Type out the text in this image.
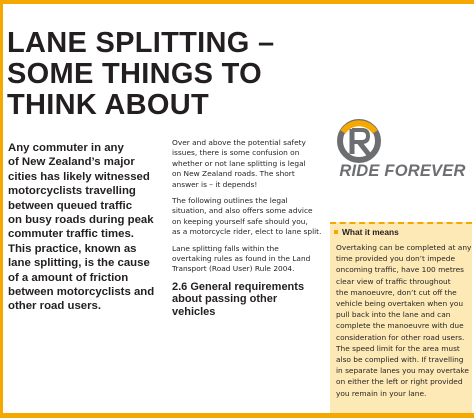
LANE SPLITTING –
SOME THINGS TO
THINK ABOUT
Any commuter in any
of New Zealand’s major
cities has likely witnessed
motorcyclists travelling
between queued traffic
on busy roads during peak
commuter traffic times.
This practice, known as
lane splitting, is the cause
of a amount of friction
between motorcyclists and
other road users.

Over and above the potential safety
issues, there is some confusion on
whether or not lane splitting is legal
on New Zealand roads. The short
answer is – it depends!

The following outlines the legal
situation, and also offers some advice
on keeping yourself safe should you,
as a motorcycle rider, elect to lane split.

Lane splitting falls within the
overtaking rules as found in the Land
Transport (Road User) Rule 2004.

2.6 General requirements
about passing other
vehicles
RIDE FOREVER
What it means
Overtaking can be completed at any
time provided you don’t impede
oncoming traffic, have 100 metres
clear view of traffic throughout
the manoeuvre, don’t cut off the
vehicle being overtaken when you
pull back into the lane and can
complete the manoeuvre with due
consideration for other road users.
The speed limit for the area must
also be complied with. If travelling
in separate lanes you may overtake
on either the left or right provided
you remain in your lane.
